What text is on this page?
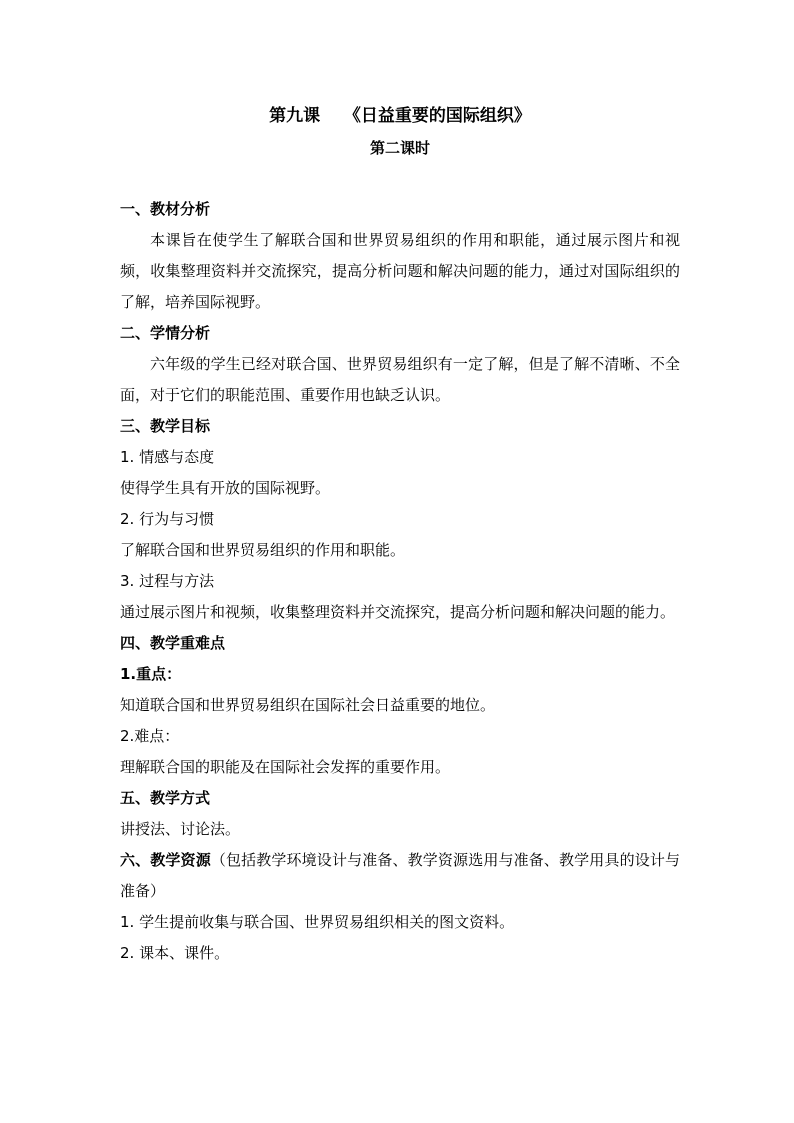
第九课    《日益重要的国际组织》
第二课时
一、教材分析
本课旨在使学生了解联合国和世界贸易组织的作用和职能，通过展示图片和视频，收集整理资料并交流探究，提高分析问题和解决问题的能力，通过对国际组织的了解，培养国际视野。
二、学情分析
六年级的学生已经对联合国、世界贸易组织有一定了解，但是了解不清晰、不全面，对于它们的职能范围、重要作用也缺乏认识。
三、教学目标
1. 情感与态度
使得学生具有开放的国际视野。
2. 行为与习惯
了解联合国和世界贸易组织的作用和职能。
3. 过程与方法
通过展示图片和视频，收集整理资料并交流探究，提高分析问题和解决问题的能力。
四、教学重难点
1.重点：
知道联合国和世界贸易组织在国际社会日益重要的地位。
2.难点：
理解联合国的职能及在国际社会发挥的重要作用。
五、教学方式
讲授法、讨论法。
六、教学资源（包括教学环境设计与准备、教学资源选用与准备、教学用具的设计与准备）
1. 学生提前收集与联合国、世界贸易组织相关的图文资料。
2. 课本、课件。
